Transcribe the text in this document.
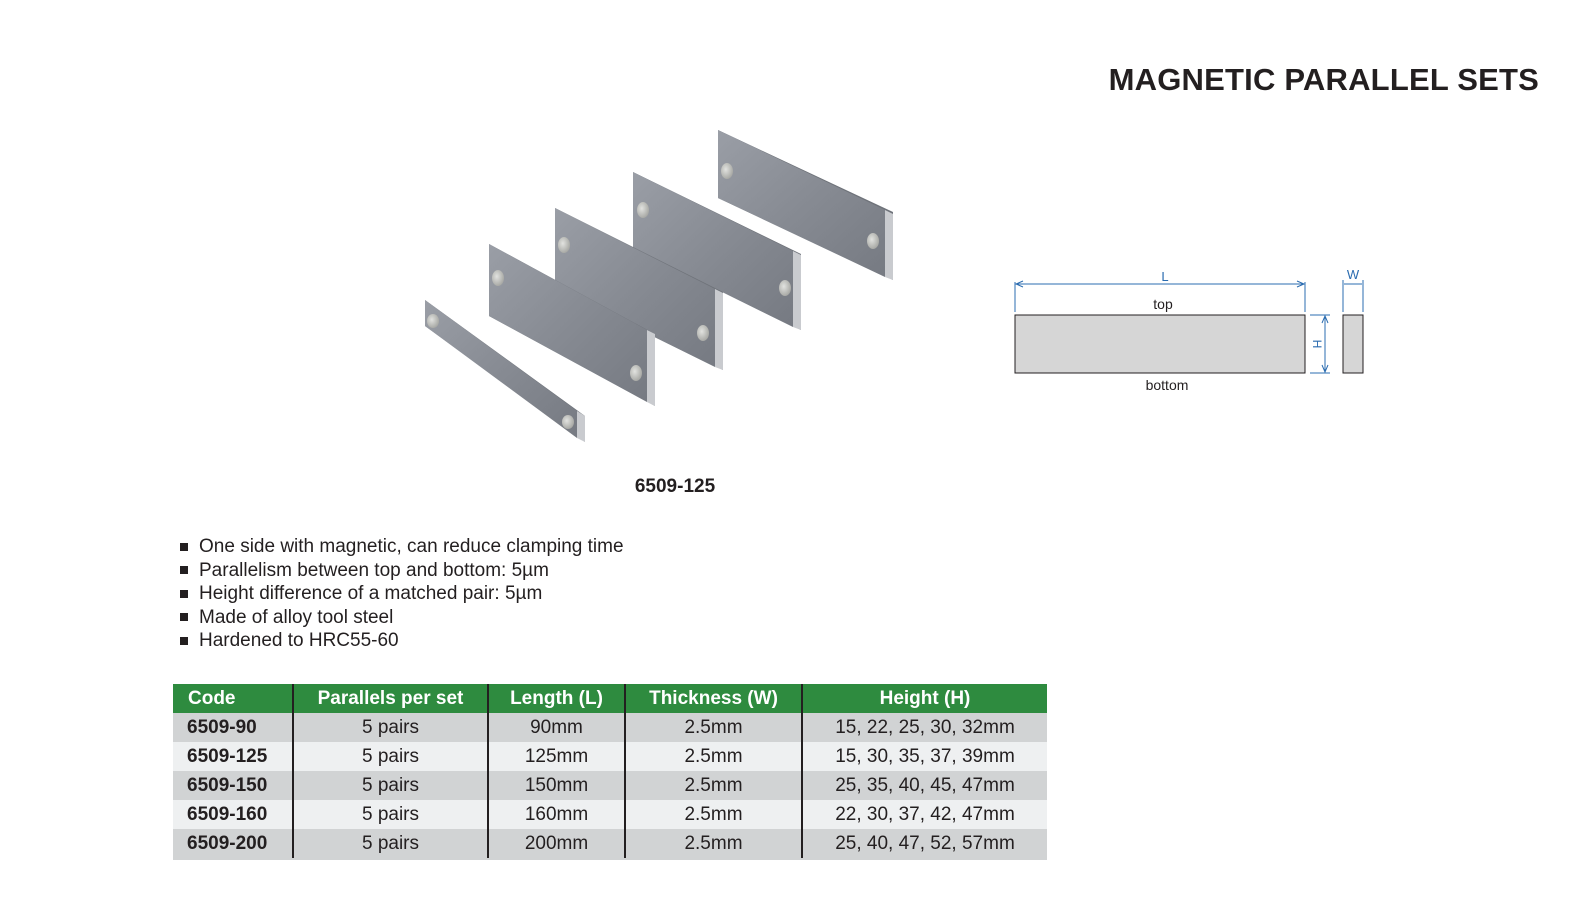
MAGNETIC PARALLEL SETS
6509-125
L	W
H
top
bottom
One side with magnetic, can reduce clamping time
Parallelism between top and bottom: 5µm
Height difference of a matched pair: 5µm
Made of alloy tool steel
Hardened to HRC55-60
Code	Parallels per set	Length (L)	Thickness (W)	Height (H)
6509-90	5 pairs	90mm	2.5mm	15, 22, 25, 30, 32mm
6509-125	5 pairs	125mm	2.5mm	15, 30, 35, 37, 39mm
6509-150	5 pairs	150mm	2.5mm	25, 35, 40, 45, 47mm
6509-160	5 pairs	160mm	2.5mm	22, 30, 37, 42, 47mm
6509-200	5 pairs	200mm	2.5mm	25, 40, 47, 52, 57mm
